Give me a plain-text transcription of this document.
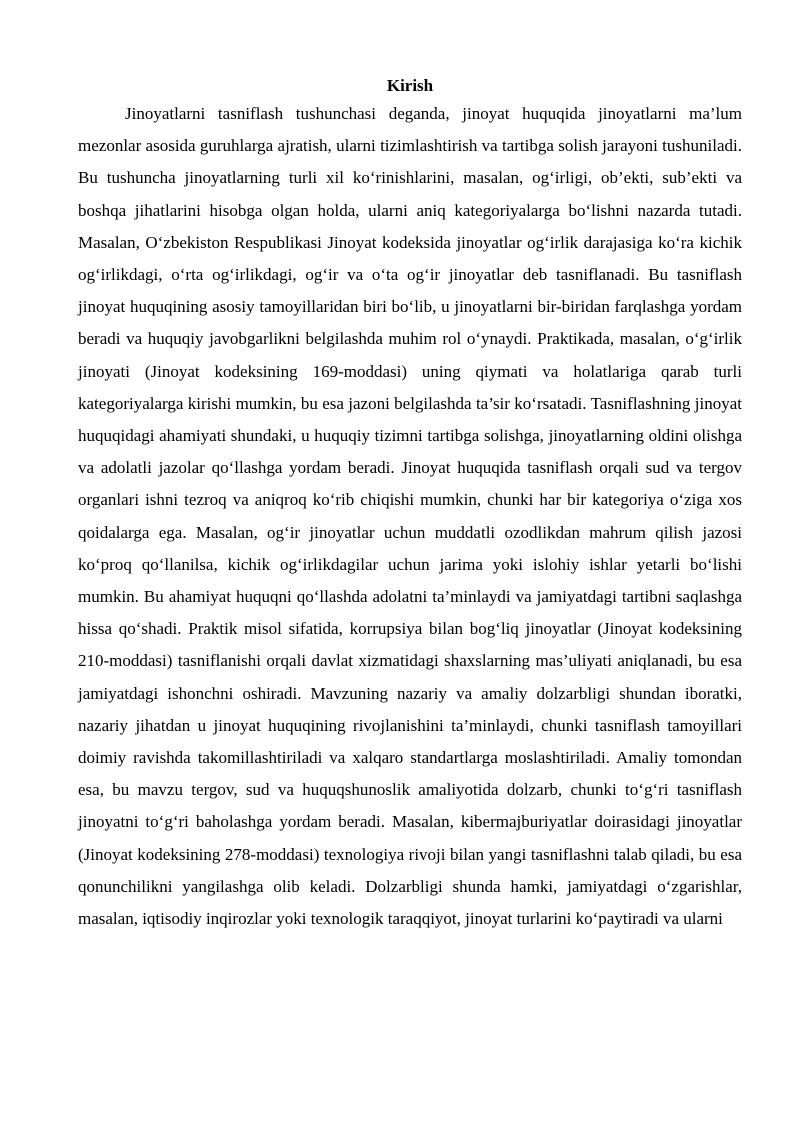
Kirish

Jinoyatlarni tasniflash tushunchasi deganda, jinoyat huquqida jinoyatlarni ma’lum mezonlar asosida guruhlarga ajratish, ularni tizimlashtirish va tartibga solish jarayoni tushuniladi. Bu tushuncha jinoyatlarning turli xil ko‘rinishlarini, masalan, og‘irligi, ob’ekti, sub’ekti va boshqa jihatlarini hisobga olgan holda, ularni aniq kategoriyalarga bo‘lishni nazarda tutadi. Masalan, O‘zbekiston Respublikasi Jinoyat kodeksida jinoyatlar og‘irlik darajasiga ko‘ra kichik og‘irlikdagi, o‘rta og‘irlikdagi, og‘ir va o‘ta og‘ir jinoyatlar deb tasniflanadi. Bu tasniflash jinoyat huquqining asosiy tamoyillaridan biri bo‘lib, u jinoyatlarni bir-biridan farqlashga yordam beradi va huquqiy javobgarlikni belgilashda muhim rol o‘ynaydi. Praktikada, masalan, o‘g‘irlik jinoyati (Jinoyat kodeksining 169-moddasi) uning qiymati va holatlariga qarab turli kategoriyalarga kirishi mumkin, bu esa jazoni belgilashda ta’sir ko‘rsatadi. Tasniflashning jinoyat huquqidagi ahamiyati shundaki, u huquqiy tizimni tartibga solishga, jinoyatlarning oldini olishga va adolatli jazolar qo‘llashga yordam beradi. Jinoyat huquqida tasniflash orqali sud va tergov organlari ishni tezroq va aniqroq ko‘rib chiqishi mumkin, chunki har bir kategoriya o‘ziga xos qoidalarga ega. Masalan, og‘ir jinoyatlar uchun muddatli ozodlikdan mahrum qilish jazosi ko‘proq qo‘llanilsa, kichik og‘irlikdagilar uchun jarima yoki islohiy ishlar yetarli bo‘lishi mumkin. Bu ahamiyat huquqni qo‘llashda adolatni ta’minlaydi va jamiyatdagi tartibni saqlashga hissa qo‘shadi. Praktik misol sifatida, korrupsiya bilan bog‘liq jinoyatlar (Jinoyat kodeksining 210-moddasi) tasniflanishi orqali davlat xizmatidagi shaxslarning mas’uliyati aniqlanadi, bu esa jamiyatdagi ishonchni oshiradi. Mavzuning nazariy va amaliy dolzarbligi shundan iboratki, nazariy jihatdan u jinoyat huquqining rivojlanishini ta’minlaydi, chunki tasniflash tamoyillari doimiy ravishda takomillashtiriladi va xalqaro standartlarga moslashtiriladi. Amaliy tomondan esa, bu mavzu tergov, sud va huquqshunoslik amaliyotida dolzarb, chunki to‘g‘ri tasniflash jinoyatni to‘g‘ri baholashga yordam beradi. Masalan, kibermajburiyatlar doirasidagi jinoyatlar (Jinoyat kodeksining 278-moddasi) texnologiya rivoji bilan yangi tasniflashni talab qiladi, bu esa qonunchilikni yangilashga olib keladi. Dolzarbligi shunda hamki, jamiyatdagi o‘zgarishlar, masalan, iqtisodiy inqirozlar yoki texnologik taraqqiyot, jinoyat turlarini ko‘paytiradi va ularni
